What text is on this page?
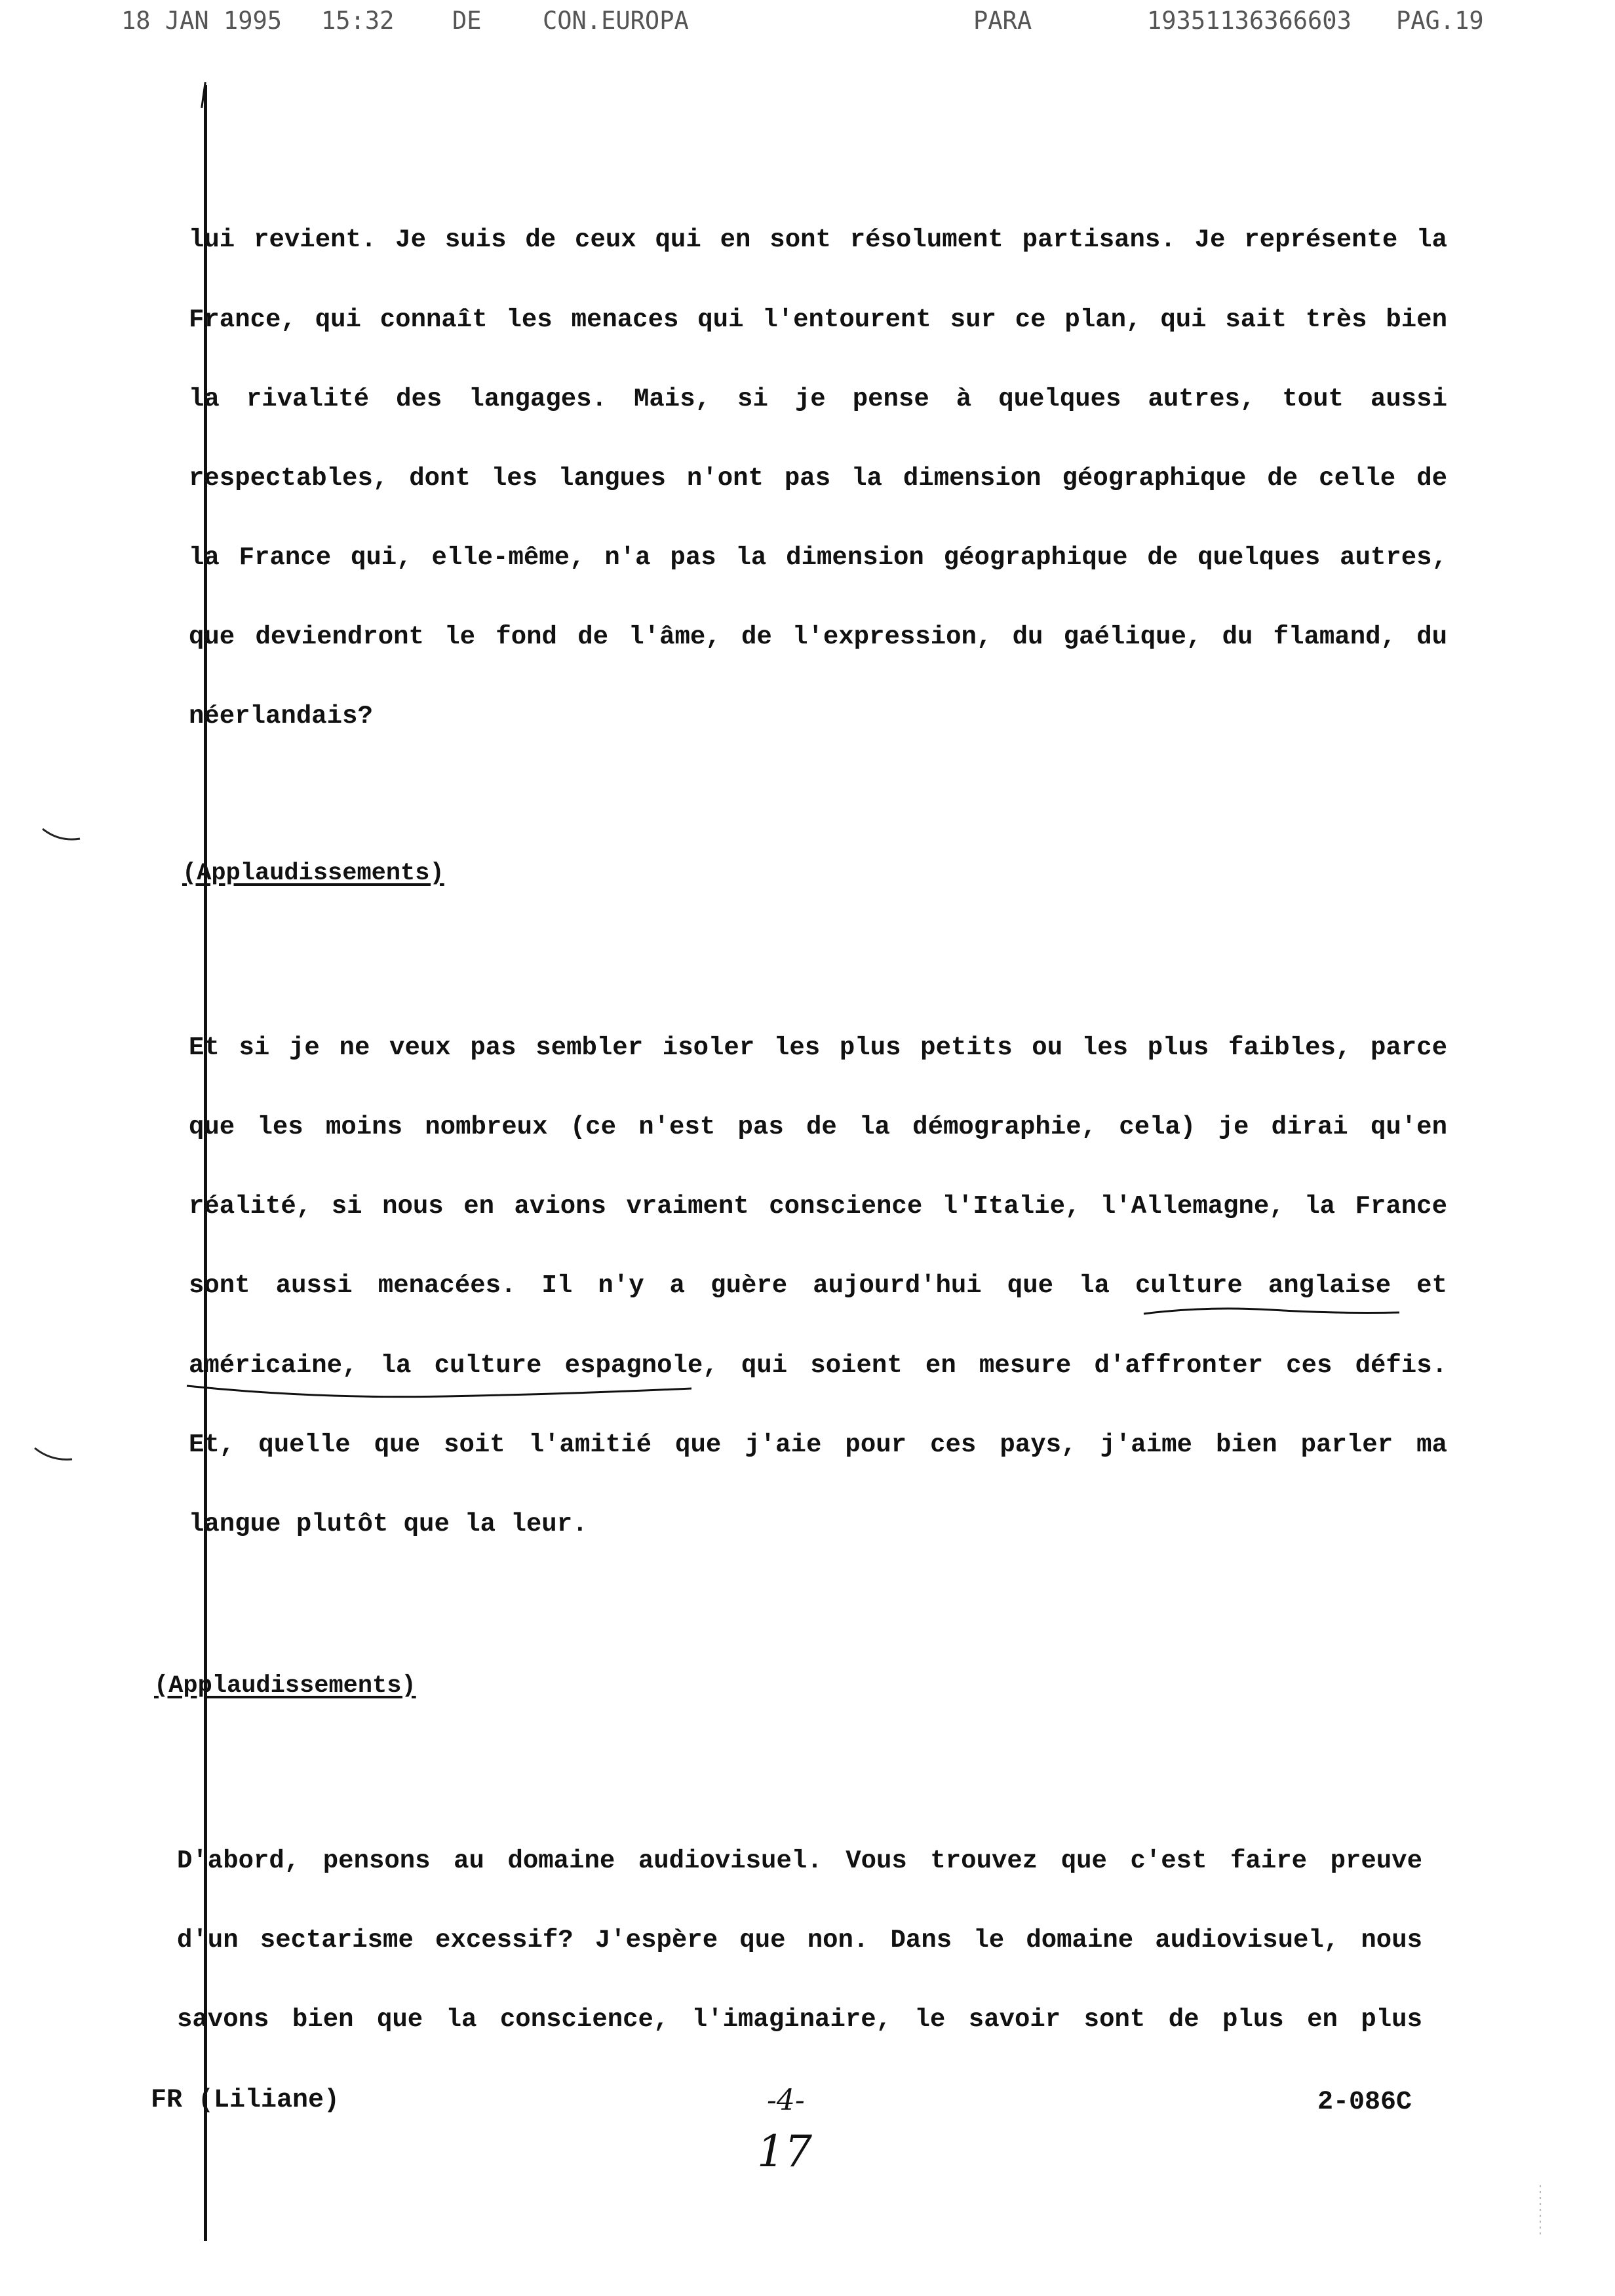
18 JAN 1995 15:32 DE	CON.EUROPA	PARA	19351136366603 PAG.19
lui revient. Je suis de ceux qui en sont résolument partisans. Je représente la
France, qui connaît les menaces qui l'entourent sur ce plan, qui sait très bien
la rivalité des langages. Mais, si je pense à quelques autres, tout aussi
respectables, dont les langues n'ont pas la dimension géographique de celle de
la France qui, elle-même, n'a pas la dimension géographique de quelques autres,
que deviendront le fond de l'âme, de l'expression, du gaélique, du flamand, du
néerlandais?
(Applaudissements)
Et si je ne veux pas sembler isoler les plus petits ou les plus faibles, parce
que les moins nombreux (ce n'est pas de la démographie, cela) je dirai qu'en
réalité, si nous en avions vraiment conscience l'Italie, l'Allemagne, la France
sont aussi menacées. Il n'y a guère aujourd'hui que la culture anglaise et
américaine, la culture espagnole, qui soient en mesure d'affronter ces défis.
Et, quelle que soit l'amitié que j'aie pour ces pays, j'aime bien parler ma
langue plutôt que la leur.
(Applaudissements)
D'abord, pensons au domaine audiovisuel. Vous trouvez que c'est faire preuve
d'un sectarisme excessif? J'espère que non. Dans le domaine audiovisuel, nous
savons bien que la conscience, l'imaginaire, le savoir sont de plus en plus
FR (Liliane)	-4-	2-086C
17
